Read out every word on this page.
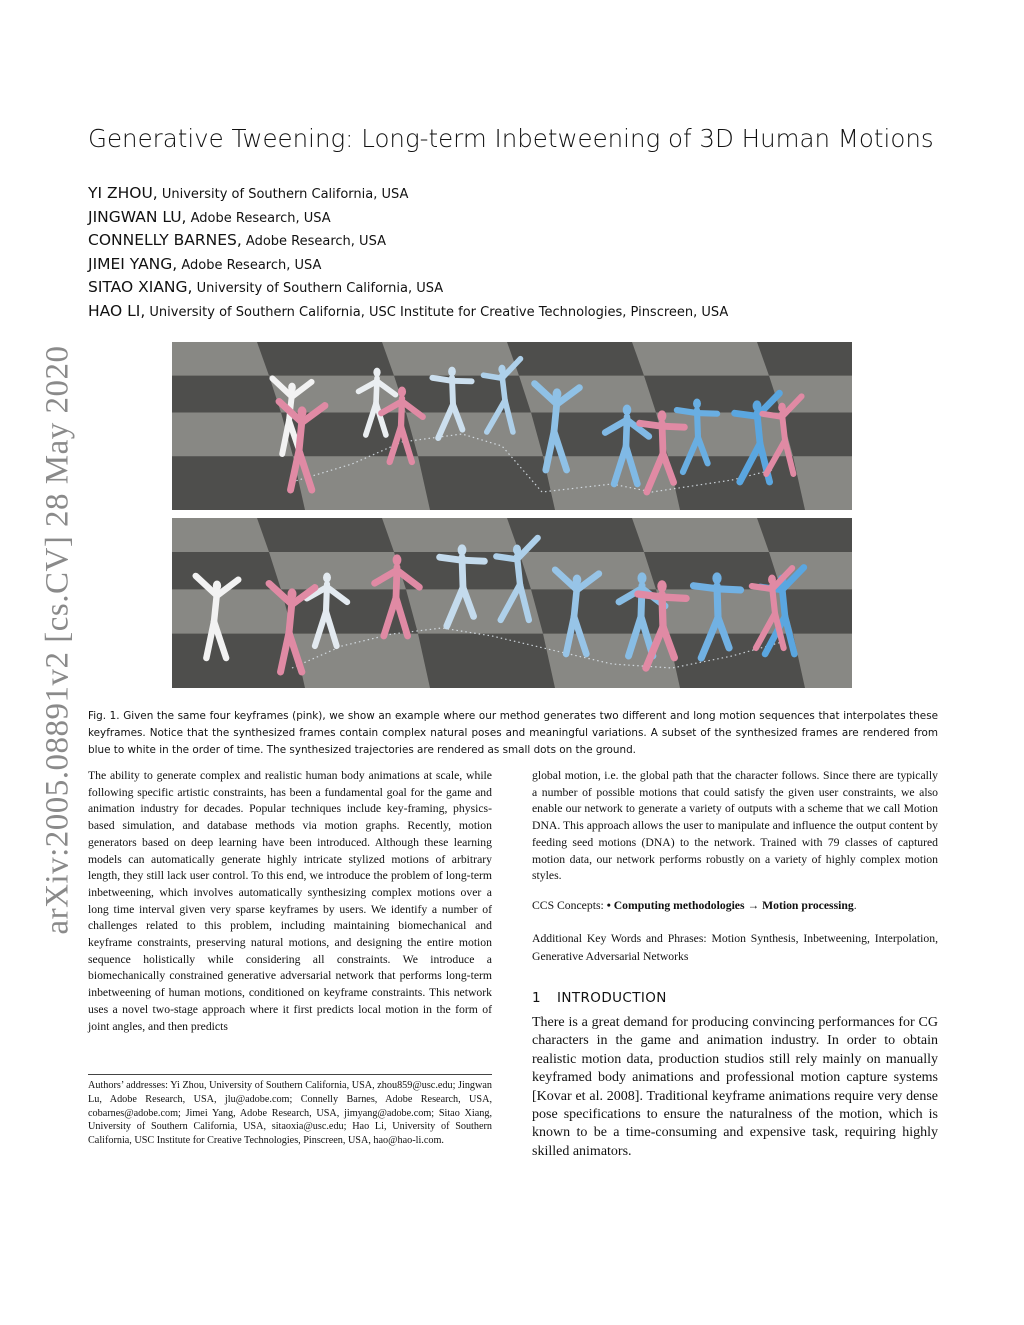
arXiv:2005.08891v2 [cs.CV] 28 May 2020
Generative Tweening: Long-term Inbetweening of 3D Human Motions
YI ZHOU, University of Southern California, USA
JINGWAN LU, Adobe Research, USA
CONNELLY BARNES, Adobe Research, USA
JIMEI YANG, Adobe Research, USA
SITAO XIANG, University of Southern California, USA
HAO LI, University of Southern California, USC Institute for Creative Technologies, Pinscreen, USA
Fig. 1. Given the same four keyframes (pink), we show an example where our method generates two different and long motion sequences that interpolates these keyframes. Notice that the synthesized frames contain complex natural poses and meaningful variations. A subset of the synthesized frames are rendered from blue to white in the order of time. The synthesized trajectories are rendered as small dots on the ground.
The ability to generate complex and realistic human body animations at scale, while following specific artistic constraints, has been a fundamental goal for the game and animation industry for decades. Popular techniques include key-framing, physics-based simulation, and database methods via motion graphs. Recently, motion generators based on deep learning have been introduced. Although these learning models can automatically generate highly intricate stylized motions of arbitrary length, they still lack user control. To this end, we introduce the problem of long-term inbetweening, which involves automatically synthesizing complex motions over a long time interval given very sparse keyframes by users. We identify a number of challenges related to this problem, including maintaining biomechanical and keyframe constraints, preserving natural motions, and designing the entire motion sequence holistically while considering all constraints. We introduce a biomechanically constrained generative adversarial network that performs long-term inbetweening of human motions, conditioned on keyframe constraints. This network uses a novel two-stage approach where it first predicts local motion in the form of joint angles, and then predicts
global motion, i.e. the global path that the character follows. Since there are typically a number of possible motions that could satisfy the given user constraints, we also enable our network to generate a variety of outputs with a scheme that we call Motion DNA. This approach allows the user to manipulate and influence the output content by feeding seed motions (DNA) to the network. Trained with 79 classes of captured motion data, our network performs robustly on a variety of highly complex motion styles.
CCS Concepts: • Computing methodologies → Motion processing.
Additional Key Words and Phrases: Motion Synthesis, Inbetweening, Interpolation, Generative Adversarial Networks
1 INTRODUCTION
There is a great demand for producing convincing performances for CG characters in the game and animation industry. In order to obtain realistic motion data, production studios still rely mainly on manually keyframed body animations and professional motion capture systems [Kovar et al. 2008]. Traditional keyframe animations require very dense pose specifications to ensure the naturalness of the motion, which is known to be a time-consuming and expensive task, requiring highly skilled animators.
Authors’ addresses: Yi Zhou, University of Southern California, USA, zhou859@usc.edu; Jingwan Lu, Adobe Research, USA, jlu@adobe.com; Connelly Barnes, Adobe Research, USA, cobarnes@adobe.com; Jimei Yang, Adobe Research, USA, jimyang@adobe.com; Sitao Xiang, University of Southern California, USA, sitaoxia@usc.edu; Hao Li, University of Southern California, USC Institute for Creative Technologies, Pinscreen, USA, hao@hao-li.com.
